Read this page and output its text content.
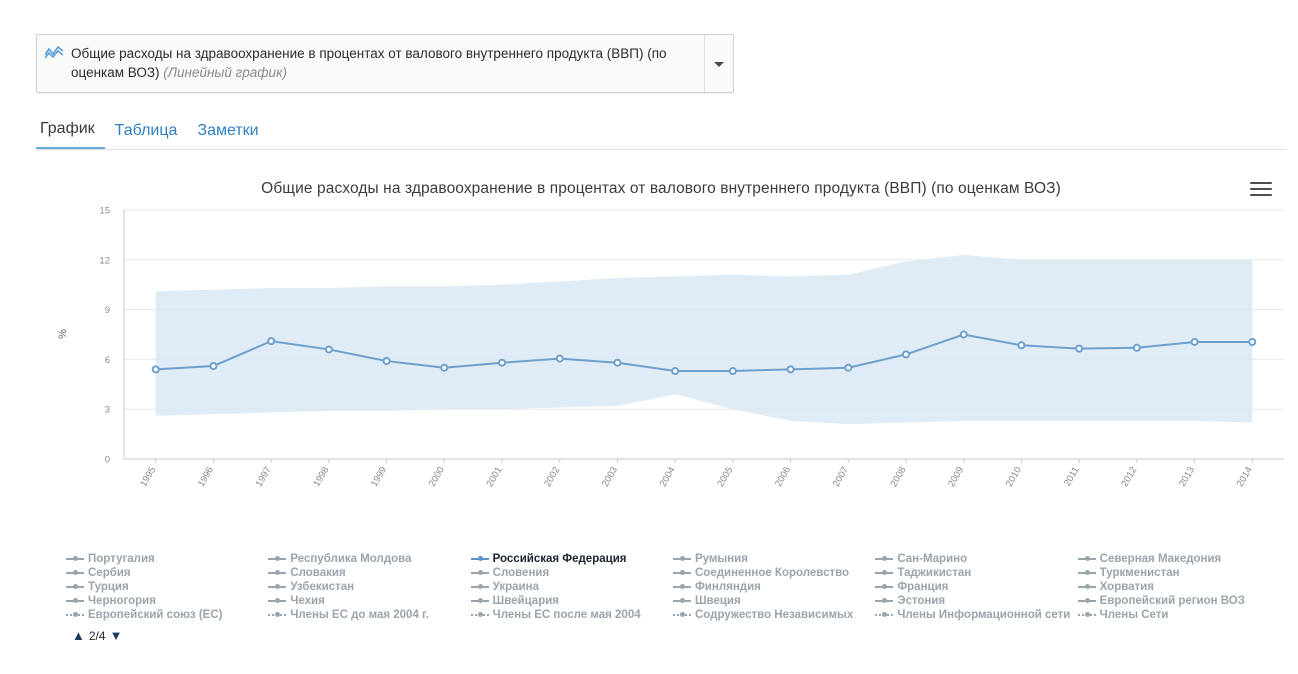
Общие расходы на здравоохранение в процентах от валового внутреннего продукта (ВВП) (по оценкам ВОЗ) (Линейный график)
График	Таблица	Заметки
Общие расходы на здравоохранение в процентах от валового внутреннего продукта (ВВП) (по оценкам ВОЗ)
0
3
6
9
12
15
%
1995	1996	1997	1998	1999	2000	2001	2002	2003	2004	2005	2006	2007	2008	2009	2010	2011	2012	2013	2014
Португалия	Республика Молдова	Российская Федерация	Румыния	Сан-Марино	Северная Македония
Сербия	Словакия	Словения	Соединенное Королевство	Таджикистан	Туркменистан
Турция	Узбекистан	Украина	Финляндия	Франция	Хорватия
Черногория	Чехия	Швейцария	Швеция	Эстония	Европейский регион ВОЗ
Европейский союз (ЕС)	Члены ЕС до мая 2004 г.	Члены ЕС после мая 2004	Содружество Независимых	Члены Информационной сети	Члены Сети
▲ 2/4 ▼
